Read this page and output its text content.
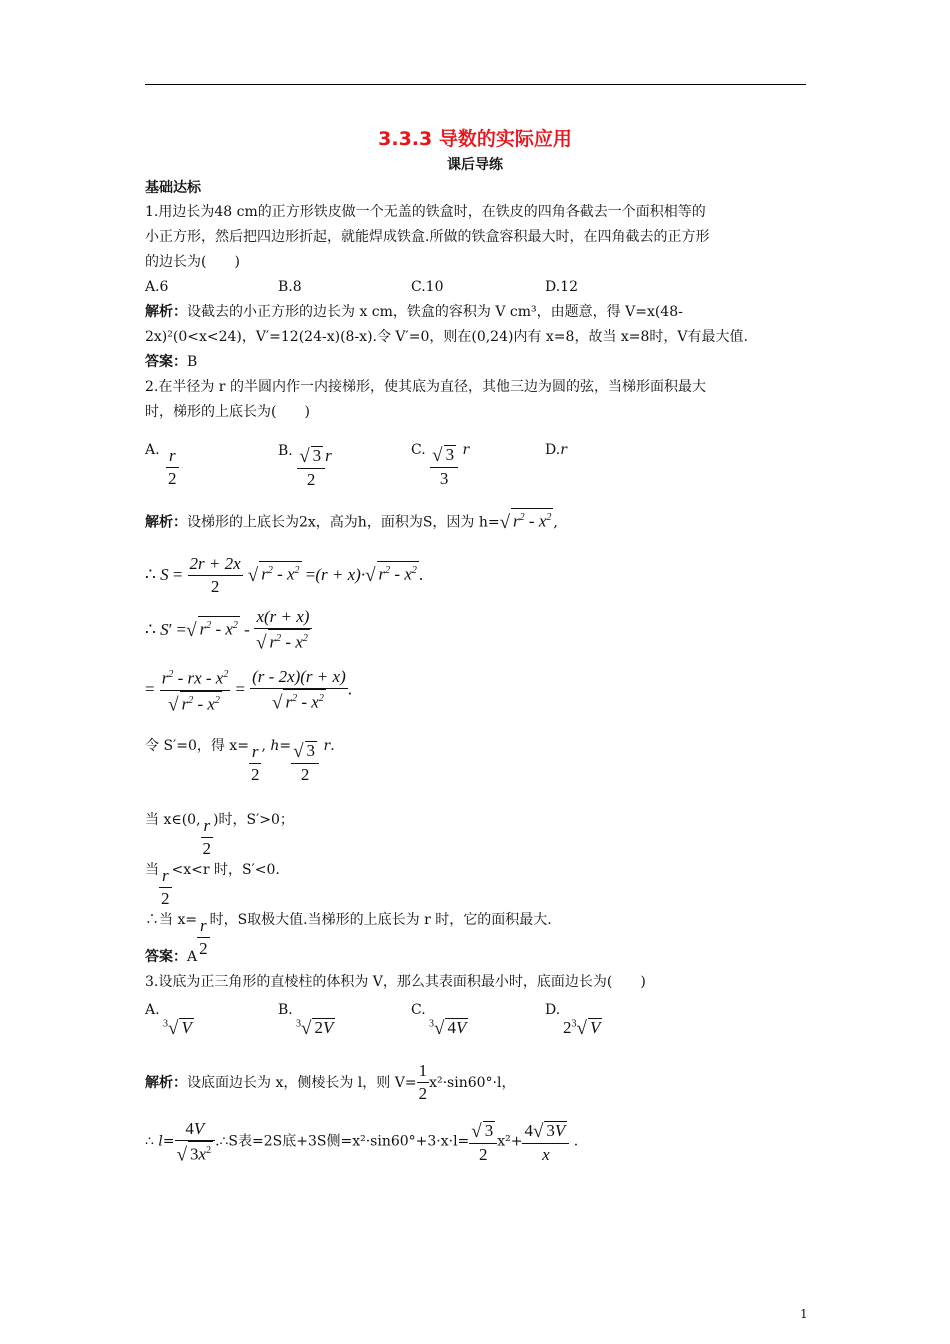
3.3.3 导数的实际应用
课后导练
基础达标
1.用边长为48 cm的正方形铁皮做一个无盖的铁盒时，在铁皮的四角各截去一个面积相等的
小正方形，然后把四边形折起，就能焊成铁盒.所做的铁盒容积最大时，在四角截去的正方形
的边长为(　　)
A.6	B.8	C.10	D.12
解析：设截去的小正方形的边长为 x cm，铁盒的容积为 V cm³，由题意，得 V=x(48-
2x)²(0<x<24)，V′=12(24-x)(8-x).令 V′=0，则在(0,24)内有 x=8，故当 x=8时，V有最大值.
答案：B
2.在半径为 r 的半圆内作一内接梯形，使其底为直径，其他三边为圆的弦，当梯形面积最大
时，梯形的上底长为(　　)
A. $\frac{r}{2}$	B. $\frac{√ 3}{2}$ r	C. $\frac{√ 3}{3}$ r	D.r
解析：设梯形的上底长为2x，高为h，面积为S，因为 h=√ $r^2 - x^2$ ,
∴ $S = \frac{2r + 2x}{2}$ √ $r^2 - x^2 =(r + x)\cdot√$ $r^2 - x^2$ .
∴ S′ =√ $r^2 - x^2 - \frac{x(r + x)}{√ r^2 - x^2}$
= $\frac{r^2 - rx - x^2}{√ r^2 - x^2} = \frac{(r - 2x)(r + x)}{√ r^2 - x^2}$ .
令 S′=0，得 $x= \frac{r}{2}$ , $h= \frac{√ 3}{2} r$.
当 x∈(0, $\frac{r}{2}$ )时，S′>0；
当 $\frac{r}{2} <x<r$ 时，S′<0.
∴当 $x= \frac{r}{2}$ 时，S取极大值.当梯形的上底长为 r 时，它的面积最大.
答案：A
3.设底为正三角形的直棱柱的体积为 V，那么其表面积最小时，底面边长为(　　)
A.
$^3$√ V
B.
$^3$√ 2V
C.
$^3$√ 4V
D.
$2^3√$ V
解析：设底面边长为 x，侧棱长为 l，则 $V= \frac{1}{2} x^2\cdot\sin 60^\circ\cdot l$，
∴ $l= \frac{4V}{√ 3x^2}$ .∴S表=2S底+3S侧$=x^2\cdot\sin 60^\circ+3\cdot x\cdot l= \frac{√ 3}{2} x^2+ \frac{4√ 3V}{x}$ .
1
